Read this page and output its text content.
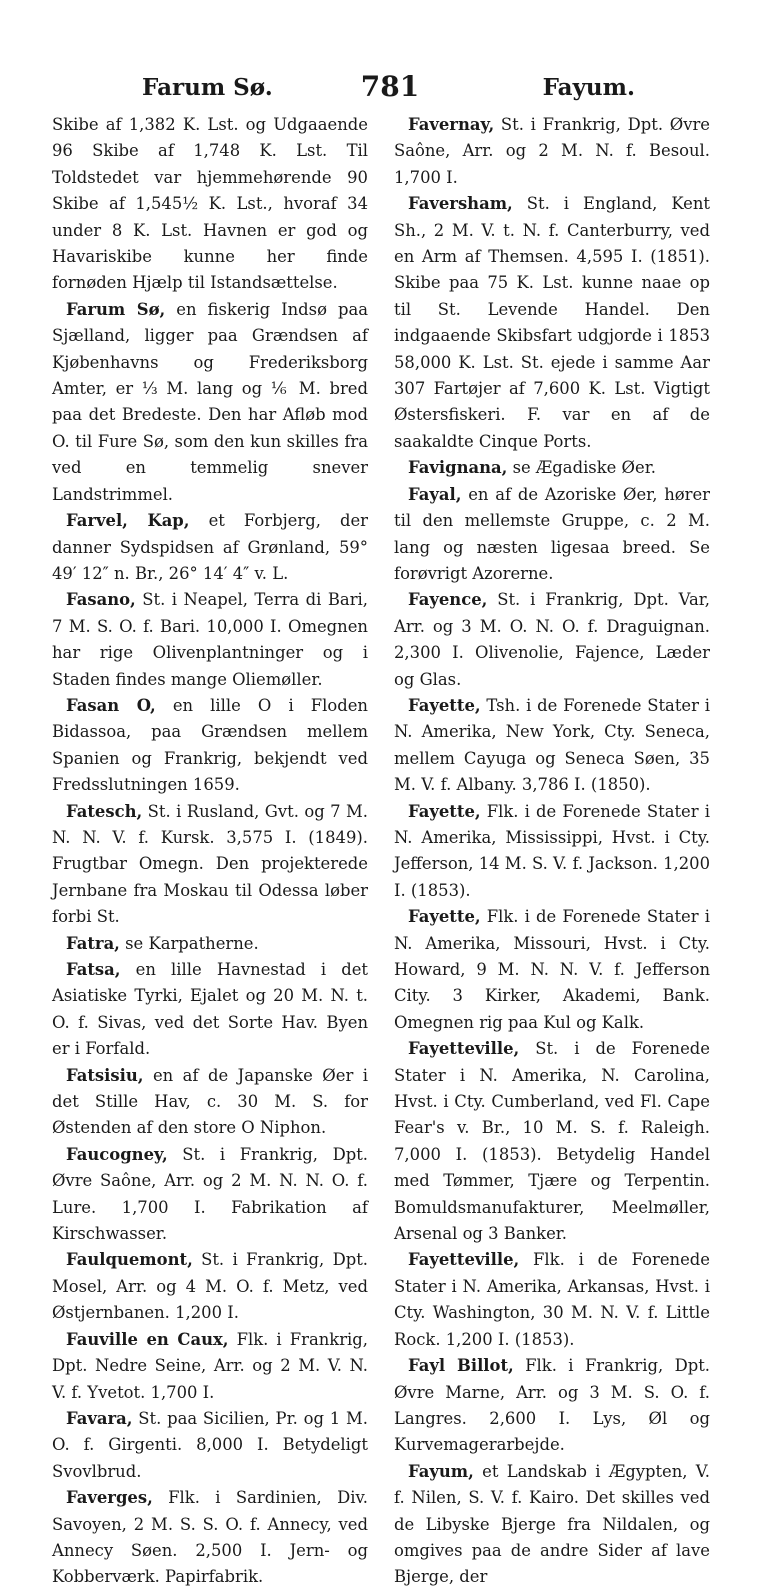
Farum Sø.	781	Fayum.

Skibe af 1,382 K. Lst. og Udgaaende 96 Skibe af 1,748 K. Lst. Til Toldstedet var hjemmehørende 90 Skibe af 1,545½ K. Lst., hvoraf 34 under 8 K. Lst. Havnen er god og Havariskibe kunne her finde fornøden Hjælp til Istandsættelse.

Farum Sø, en fiskerig Indsø paa Sjælland, ligger paa Grændsen af Kjøbenhavns og Frederiksborg Amter, er ⅓ M. lang og ⅙ M. bred paa det Bredeste. Den har Afløb mod O. til Fure Sø, som den kun skilles fra ved en temmelig snever Landstrimmel.

Farvel, Kap, et Forbjerg, der danner Sydspidsen af Grønland, 59° 49′ 12″ n. Br., 26° 14′ 4″ v. L.

Fasano, St. i Neapel, Terra di Bari, 7 M. S. O. f. Bari. 10,000 I. Omegnen har rige Olivenplantninger og i Staden findes mange Oliemøller.

Fasan O, en lille O i Floden Bidassoa, paa Grændsen mellem Spanien og Frankrig, bekjendt ved Fredsslutningen 1659.

Fatesch, St. i Rusland, Gvt. og 7 M. N. N. V. f. Kursk. 3,575 I. (1849). Frugtbar Omegn. Den projekterede Jernbane fra Moskau til Odessa løber forbi St.

Fatra, se Karpatherne.

Fatsa, en lille Havnestad i det Asiatiske Tyrki, Ejalet og 20 M. N. t. O. f. Sivas, ved det Sorte Hav. Byen er i Forfald.

Fatsisiu, en af de Japanske Øer i det Stille Hav, c. 30 M. S. for Østenden af den store O Niphon.

Faucogney, St. i Frankrig, Dpt. Øvre Saône, Arr. og 2 M. N. N. O. f. Lure. 1,700 I. Fabrikation af Kirschwasser.

Faulquemont, St. i Frankrig, Dpt. Mosel, Arr. og 4 M. O. f. Metz, ved Østjernbanen. 1,200 I.

Fauville en Caux, Flk. i Frankrig, Dpt. Nedre Seine, Arr. og 2 M. V. N. V. f. Yvetot. 1,700 I.

Favara, St. paa Sicilien, Pr. og 1 M. O. f. Girgenti. 8,000 I. Betydeligt Svovlbrud.

Faverges, Flk. i Sardinien, Div. Savoyen, 2 M. S. S. O. f. Annecy, ved Annecy Søen. 2,500 I. Jern- og Kobberværk. Papirfabrik.

Favernay, St. i Frankrig, Dpt. Øvre Saône, Arr. og 2 M. N. f. Besoul. 1,700 I.

Faversham, St. i England, Kent Sh., 2 M. V. t. N. f. Canterburry, ved en Arm af Themsen. 4,595 I. (1851). Skibe paa 75 K. Lst. kunne naae op til St. Levende Handel. Den indgaaende Skibsfart udgjorde i 1853 58,000 K. Lst. St. ejede i samme Aar 307 Fartøjer af 7,600 K. Lst. Vigtigt Østersfiskeri. F. var en af de saakaldte Cinque Ports.

Favignana, se Ægadiske Øer.

Fayal, en af de Azoriske Øer, hører til den mellemste Gruppe, c. 2 M. lang og næsten ligesaa breed. Se forøvrigt Azorerne.

Fayence, St. i Frankrig, Dpt. Var, Arr. og 3 M. O. N. O. f. Draguignan. 2,300 I. Olivenolie, Fajence, Læder og Glas.

Fayette, Tsh. i de Forenede Stater i N. Amerika, New York, Cty. Seneca, mellem Cayuga og Seneca Søen, 35 M. V. f. Albany. 3,786 I. (1850).

Fayette, Flk. i de Forenede Stater i N. Amerika, Mississippi, Hvst. i Cty. Jefferson, 14 M. S. V. f. Jackson. 1,200 I. (1853).

Fayette, Flk. i de Forenede Stater i N. Amerika, Missouri, Hvst. i Cty. Howard, 9 M. N. N. V. f. Jefferson City. 3 Kirker, Akademi, Bank. Omegnen rig paa Kul og Kalk.

Fayetteville, St. i de Forenede Stater i N. Amerika, N. Carolina, Hvst. i Cty. Cumberland, ved Fl. Cape Fear's v. Br., 10 M. S. f. Raleigh. 7,000 I. (1853). Betydelig Handel med Tømmer, Tjære og Terpentin. Bomuldsmanufakturer, Meelmøller, Arsenal og 3 Banker.

Fayetteville, Flk. i de Forenede Stater i N. Amerika, Arkansas, Hvst. i Cty. Washington, 30 M. N. V. f. Little Rock. 1,200 I. (1853).

Fayl Billot, Flk. i Frankrig, Dpt. Øvre Marne, Arr. og 3 M. S. O. f. Langres. 2,600 I. Lys, Øl og Kurvemagerarbejde.

Fayum, et Landskab i Ægypten, V. f. Nilen, S. V. f. Kairo. Det skilles ved de Libyske Bjerge fra Nildalen, og omgives paa de andre Sider af lave Bjerge, der
